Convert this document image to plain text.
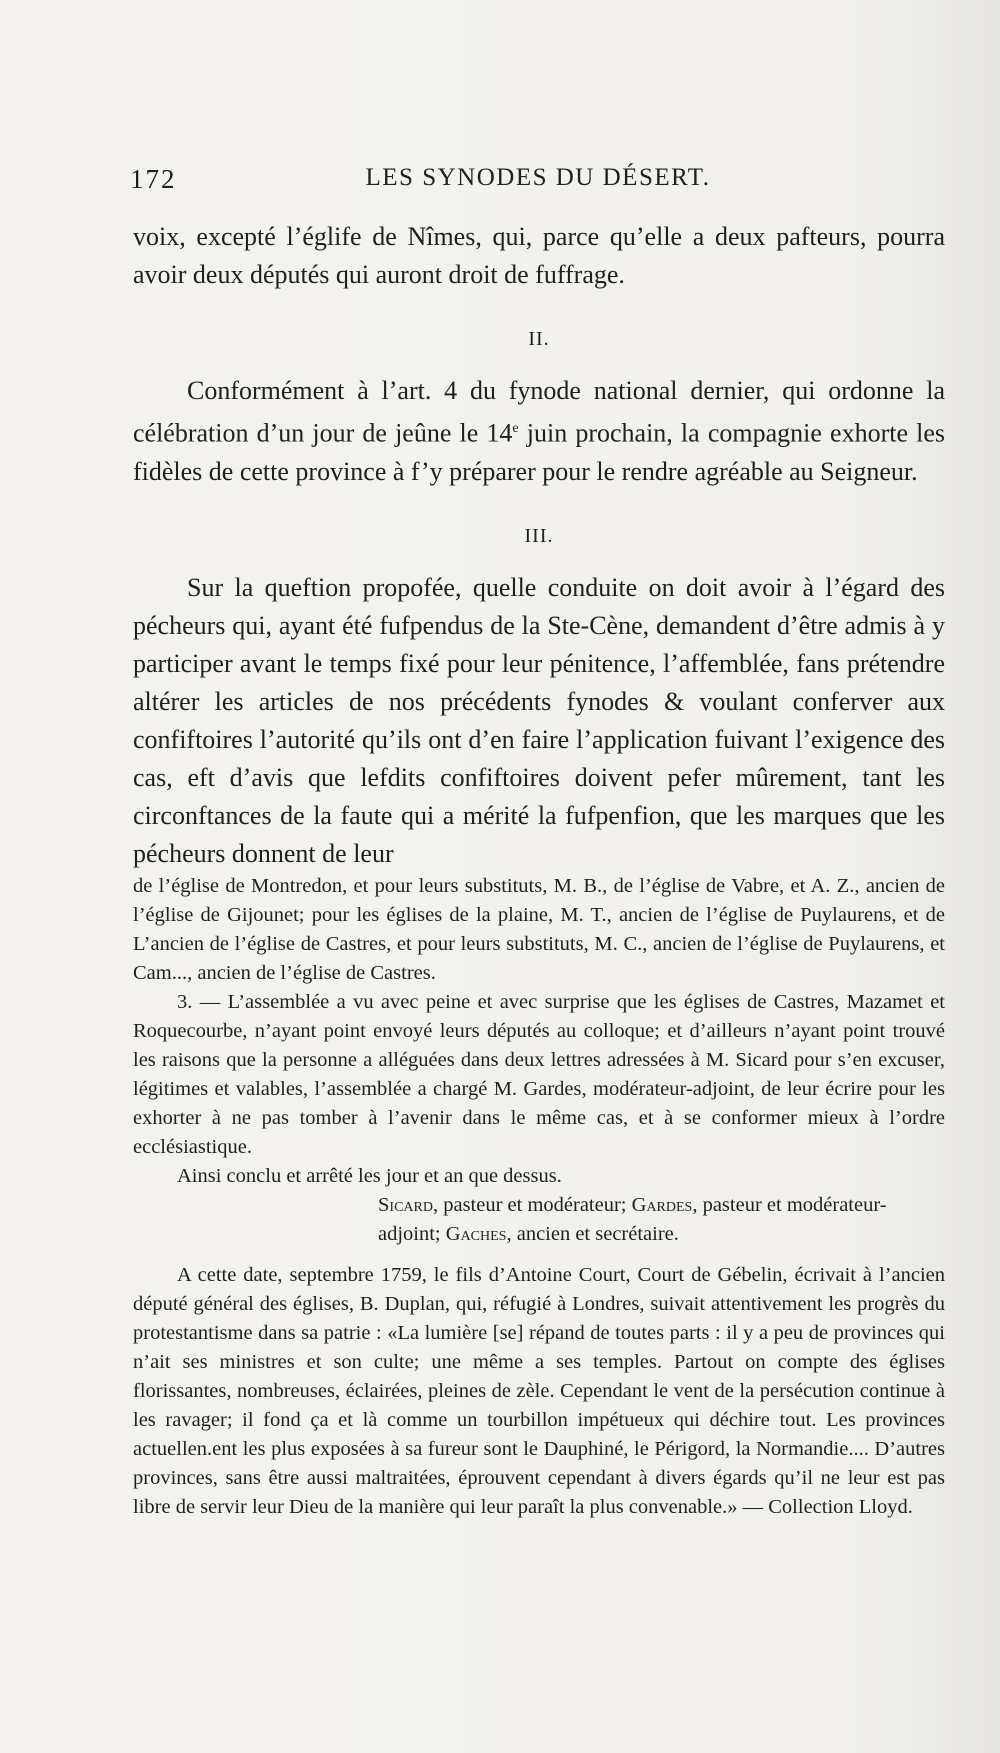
172	LES SYNODES DU DÉSERT.

voix, excepté l’églife de Nîmes, qui, parce qu’elle a deux pafteurs, pourra avoir deux députés qui auront droit de fuffrage.

II.

Conformément à l’art. 4 du fynode national dernier, qui ordonne la célébration d’un jour de jeûne le 14e juin prochain, la compagnie exhorte les fidèles de cette province à f’y préparer pour le rendre agréable au Seigneur.

III.

Sur la queftion propofée, quelle conduite on doit avoir à l’égard des pécheurs qui, ayant été fufpendus de la Ste-Cène, demandent d’être admis à y participer avant le temps fixé pour leur pénitence, l’affemblée, fans prétendre altérer les articles de nos précédents fynodes & voulant conferver aux confiftoires l’autorité qu’ils ont d’en faire l’application fuivant l’exigence des cas, eft d’avis que lefdits confiftoires doivent pefer mûrement, tant les circonftances de la faute qui a mérité la fufpenfion, que les marques que les pécheurs donnent de leur

de l’église de Montredon, et pour leurs substituts, M. B., de l’église de Vabre, et A. Z., ancien de l’église de Gijounet; pour les églises de la plaine, M. T., ancien de l’église de Puylaurens, et de L’ancien de l’église de Castres, et pour leurs substituts, M. C., ancien de l’église de Puylaurens, et Cam..., ancien de l’église de Castres.

3. — L’assemblée a vu avec peine et avec surprise que les églises de Castres, Mazamet et Roquecourbe, n’ayant point envoyé leurs députés au colloque; et d’ailleurs n’ayant point trouvé les raisons que la personne a alléguées dans deux lettres adressées à M. Sicard pour s’en excuser, légitimes et valables, l’assemblée a chargé M. Gardes, modérateur-adjoint, de leur écrire pour les exhorter à ne pas tomber à l’avenir dans le même cas, et à se conformer mieux à l’ordre ecclésiastique.

Ainsi conclu et arrêté les jour et an que dessus.

Sicard, pasteur et modérateur; Gardes, pasteur et modérateur-adjoint; Gaches, ancien et secrétaire.

A cette date, septembre 1759, le fils d’Antoine Court, Court de Gébelin, écrivait à l’ancien député général des églises, B. Duplan, qui, réfugié à Londres, suivait attentivement les progrès du protestantisme dans sa patrie : «La lumière [se] répand de toutes parts : il y a peu de provinces qui n’ait ses ministres et son culte; une même a ses temples. Partout on compte des églises florissantes, nombreuses, éclairées, pleines de zèle. Cependant le vent de la persécution continue à les ravager; il fond ça et là comme un tourbillon impétueux qui déchire tout. Les provinces actuellen.ent les plus exposées à sa fureur sont le Dauphiné, le Périgord, la Normandie.... D’autres provinces, sans être aussi maltraitées, éprouvent cependant à divers égards qu’il ne leur est pas libre de servir leur Dieu de la manière qui leur paraît la plus convenable.» — Collection Lloyd.
